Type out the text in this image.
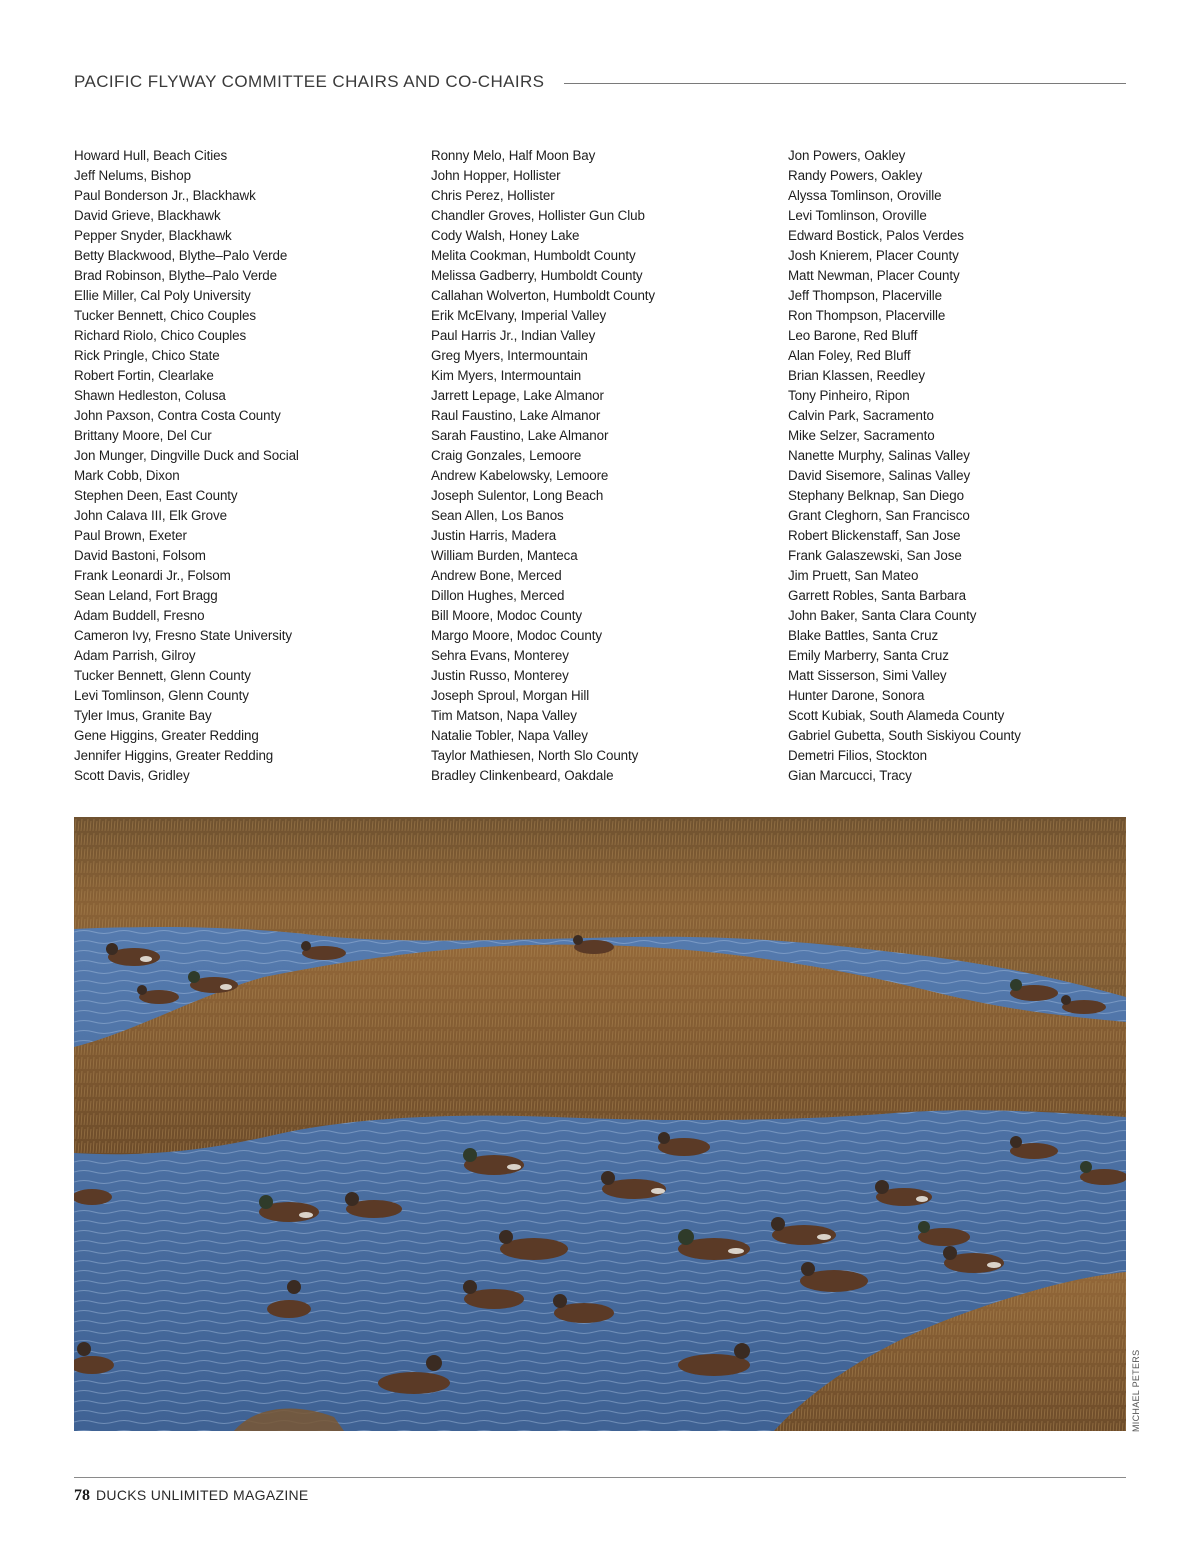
PACIFIC FLYWAY COMMITTEE CHAIRS AND CO-CHAIRS
Howard Hull, Beach Cities
Jeff Nelums, Bishop
Paul Bonderson Jr., Blackhawk
David Grieve, Blackhawk
Pepper Snyder, Blackhawk
Betty Blackwood, Blythe–Palo Verde
Brad Robinson, Blythe–Palo Verde
Ellie Miller, Cal Poly University
Tucker Bennett, Chico Couples
Richard Riolo, Chico Couples
Rick Pringle, Chico State
Robert Fortin, Clearlake
Shawn Hedleston, Colusa
John Paxson, Contra Costa County
Brittany Moore, Del Cur
Jon Munger, Dingville Duck and Social
Mark Cobb, Dixon
Stephen Deen, East County
John Calava III, Elk Grove
Paul Brown, Exeter
David Bastoni, Folsom
Frank Leonardi Jr., Folsom
Sean Leland, Fort Bragg
Adam Buddell, Fresno
Cameron Ivy, Fresno State University
Adam Parrish, Gilroy
Tucker Bennett, Glenn County
Levi Tomlinson, Glenn County
Tyler Imus, Granite Bay
Gene Higgins, Greater Redding
Jennifer Higgins, Greater Redding
Scott Davis, Gridley
Ronny Melo, Half Moon Bay
John Hopper, Hollister
Chris Perez, Hollister
Chandler Groves, Hollister Gun Club
Cody Walsh, Honey Lake
Melita Cookman, Humboldt County
Melissa Gadberry, Humboldt County
Callahan Wolverton, Humboldt County
Erik McElvany, Imperial Valley
Paul Harris Jr., Indian Valley
Greg Myers, Intermountain
Kim Myers, Intermountain
Jarrett Lepage, Lake Almanor
Raul Faustino, Lake Almanor
Sarah Faustino, Lake Almanor
Craig Gonzales, Lemoore
Andrew Kabelowsky, Lemoore
Joseph Sulentor, Long Beach
Sean Allen, Los Banos
Justin Harris, Madera
William Burden, Manteca
Andrew Bone, Merced
Dillon Hughes, Merced
Bill Moore, Modoc County
Margo Moore, Modoc County
Sehra Evans, Monterey
Justin Russo, Monterey
Joseph Sproul, Morgan Hill
Tim Matson, Napa Valley
Natalie Tobler, Napa Valley
Taylor Mathiesen, North Slo County
Bradley Clinkenbeard, Oakdale
Jon Powers, Oakley
Randy Powers, Oakley
Alyssa Tomlinson, Oroville
Levi Tomlinson, Oroville
Edward Bostick, Palos Verdes
Josh Knierem, Placer County
Matt Newman, Placer County
Jeff Thompson, Placerville
Ron Thompson, Placerville
Leo Barone, Red Bluff
Alan Foley, Red Bluff
Brian Klassen, Reedley
Tony Pinheiro, Ripon
Calvin Park, Sacramento
Mike Selzer, Sacramento
Nanette Murphy, Salinas Valley
David Sisemore, Salinas Valley
Stephany Belknap, San Diego
Grant Cleghorn, San Francisco
Robert Blickenstaff, San Jose
Frank Galaszewski, San Jose
Jim Pruett, San Mateo
Garrett Robles, Santa Barbara
John Baker, Santa Clara County
Blake Battles, Santa Cruz
Emily Marberry, Santa Cruz
Matt Sisserson, Simi Valley
Hunter Darone, Sonora
Scott Kubiak, South Alameda County
Gabriel Gubetta, South Siskiyou County
Demetri Filios, Stockton
Gian Marcucci, Tracy
MICHAEL PETERS
78 DUCKS UNLIMITED MAGAZINE
